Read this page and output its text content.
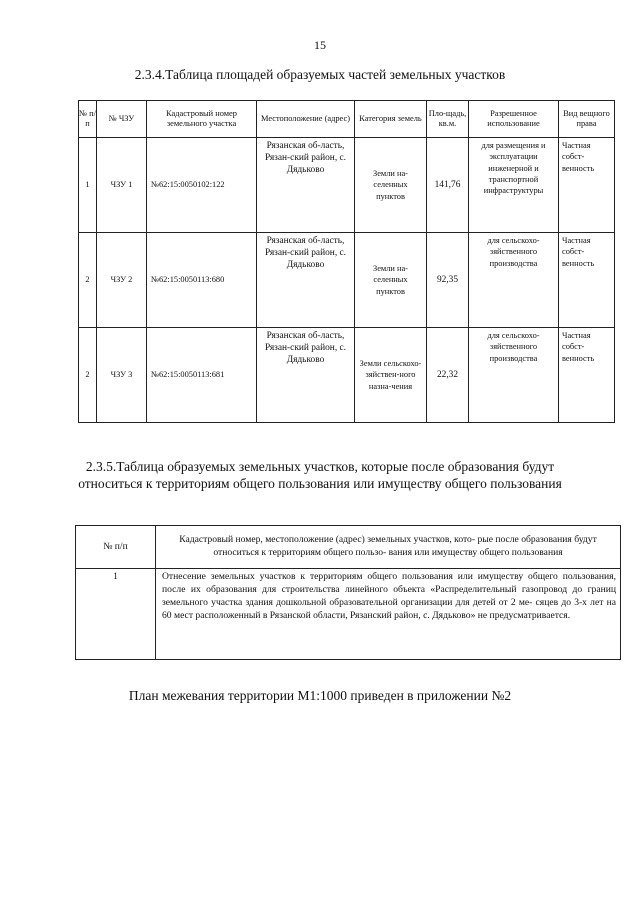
15
2.3.4.Таблица площадей образуемых частей земельных участков
№ п/п	№ ЧЗУ	Кадастровый номер земельного участка	Местоположение (адрес)	Категория земель	Пло-щадь, кв.м.	Разрешенное использование	Вид вещного права
1	ЧЗУ 1	№62:15:0050102:122	Рязанская об-ласть, Рязан-ский район, с. Дядьково	Земли на-селенных пунктов	141,76	для размещения и эксплуатации инженерной и транспортной инфраструктуры	Частная собст-венность
2	ЧЗУ 2	№62:15:0050113:680	Рязанская об-ласть, Рязан-ский район, с. Дядьково	Земли на-селенных пунктов	92,35	для сельскохо-зяйственного производства	Частная собст-венность
2	ЧЗУ 3	№62:15:0050113:681	Рязанская об-ласть, Рязан-ский район, с. Дядьково	Земли сельскохо-зяйствен-ного назна-чения	22,32	для сельскохо-зяйственного производства	Частная собст-венность
2.3.5.Таблица образуемых земельных участков, которые после образования будут относиться к территориям общего пользования или имуществу общего пользования
№ п/п	Кадастровый номер, местоположение (адрес) земельных участков, кото- рые после образования будут относиться к территориям общего пользо- вания или имуществу общего пользования
1	Отнесение земельных участков к территориям общего пользования или имуществу общего пользования, после их образования для строительства линейного объекта «Распределительный газопровод до границ земельного участка здания дошкольной образовательной организации для детей от 2 ме- сяцев до 3-х лет на 60 мест расположенный в Рязанской области, Рязанский район, с. Дядьково» не предусматривается.
План межевания территории М1:1000 приведен в приложении №2
